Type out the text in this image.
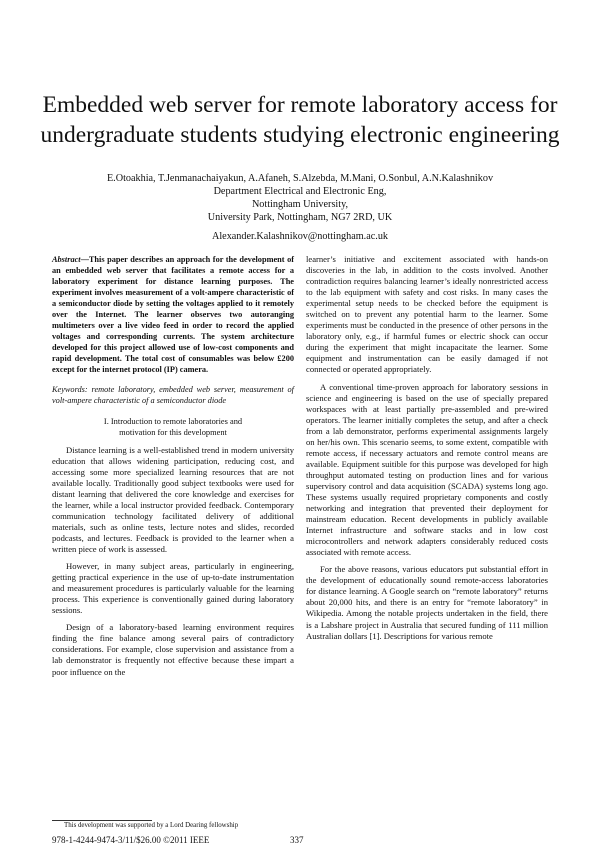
Embedded web server for remote laboratory access for
undergraduate students studying electronic engineering
E.Otoakhia, T.Jenmanachaiyakun, A.Afaneh, S.Alzebda, M.Mani, O.Sonbul, A.N.Kalashnikov
Department Electrical and Electronic Eng,
Nottingham University,
University Park, Nottingham, NG7 2RD, UK
Alexander.Kalashnikov@nottingham.ac.uk

Abstract—This paper describes an approach for the development of an embedded web server that facilitates a remote access for a laboratory experiment for distance learning purposes. The experiment involves measurement of a volt-ampere characteristic of a semiconductor diode by setting the voltages applied to it remotely over the Internet. The learner observes two autoranging multimeters over a live video feed in order to record the applied voltages and corresponding currents. The system architecture developed for this project allowed use of low-cost components and rapid development. The total cost of consumables was below £200 except for the internet protocol (IP) camera.

Keywords: remote laboratory, embedded web server, measurement of volt-ampere characteristic of a semiconductor diode

I. Introduction to remote laboratories and
motivation for this development

Distance learning is a well-established trend in modern university education that allows widening participation, reducing cost, and accessing some more specialized learning resources that are not available locally. Traditionally good subject textbooks were used for distant learning that delivered the core knowledge and exercises for the learner, while a local instructor provided feedback. Contemporary communication technology facilitated delivery of additional materials, such as online tests, lecture notes and slides, recorded podcasts, and lectures. Feedback is provided to the learner when a written piece of work is assessed.

However, in many subject areas, particularly in engineering, getting practical experience in the use of up-to-date instrumentation and measurement procedures is particularly valuable for the learning process. This experience is conventionally gained during laboratory sessions.

Design of a laboratory-based learning environment requires finding the fine balance among several pairs of contradictory considerations. For example, close supervision and assistance from a lab demonstrator is frequently not effective because these impart a poor influence on the

learner’s initiative and excitement associated with hands-on discoveries in the lab, in addition to the costs involved. Another contradiction requires balancing learner’s ideally nonrestricted access to the lab equipment with safety and cost risks. In many cases the experimental setup needs to be checked before the equipment is switched on to prevent any potential harm to the learner. Some experiments must be conducted in the presence of other persons in the laboratory only, e.g., if harmful fumes or electric shock can occur during the experiment that might incapacitate the learner. Some equipment and instrumentation can be easily damaged if not connected or operated appropriately.

A conventional time-proven approach for laboratory sessions in science and engineering is based on the use of specially prepared workspaces with at least partially pre-assembled and pre-wired operators. The learner initially completes the setup, and after a check from a lab demonstrator, performs experimental assignments largely on her/his own. This scenario seems, to some extent, compatible with remote access, if necessary actuators and remote control means are available. Equipment suitible for this purpose was developed for high throughput automated testing on production lines and for various supervisory control and data acquisition (SCADA) systems long ago. These systems usually required proprietary components and costly networking and integration that prevented their deployment for mainstream education. Recent developments in publicly available Internet infrastructure and software stacks and in low cost microcontrollers and network adapters considerably reduced costs associated with remote access.

For the above reasons, various educators put substantial effort in the development of educationally sound remote-access laboratories for distance learning. A Google search on “remote laboratory” returns about 20,000 hits, and there is an entry for “remote laboratory” in Wikipedia. Among the notable projects undertaken in the field, there is a Labshare project in Australia that secured funding of 111 million Australian dollars [1]. Descriptions for various remote

This development was supported by a Lord Dearing fellowship
978-1-4244-9474-3/11/$26.00 ©2011 IEEE	337
